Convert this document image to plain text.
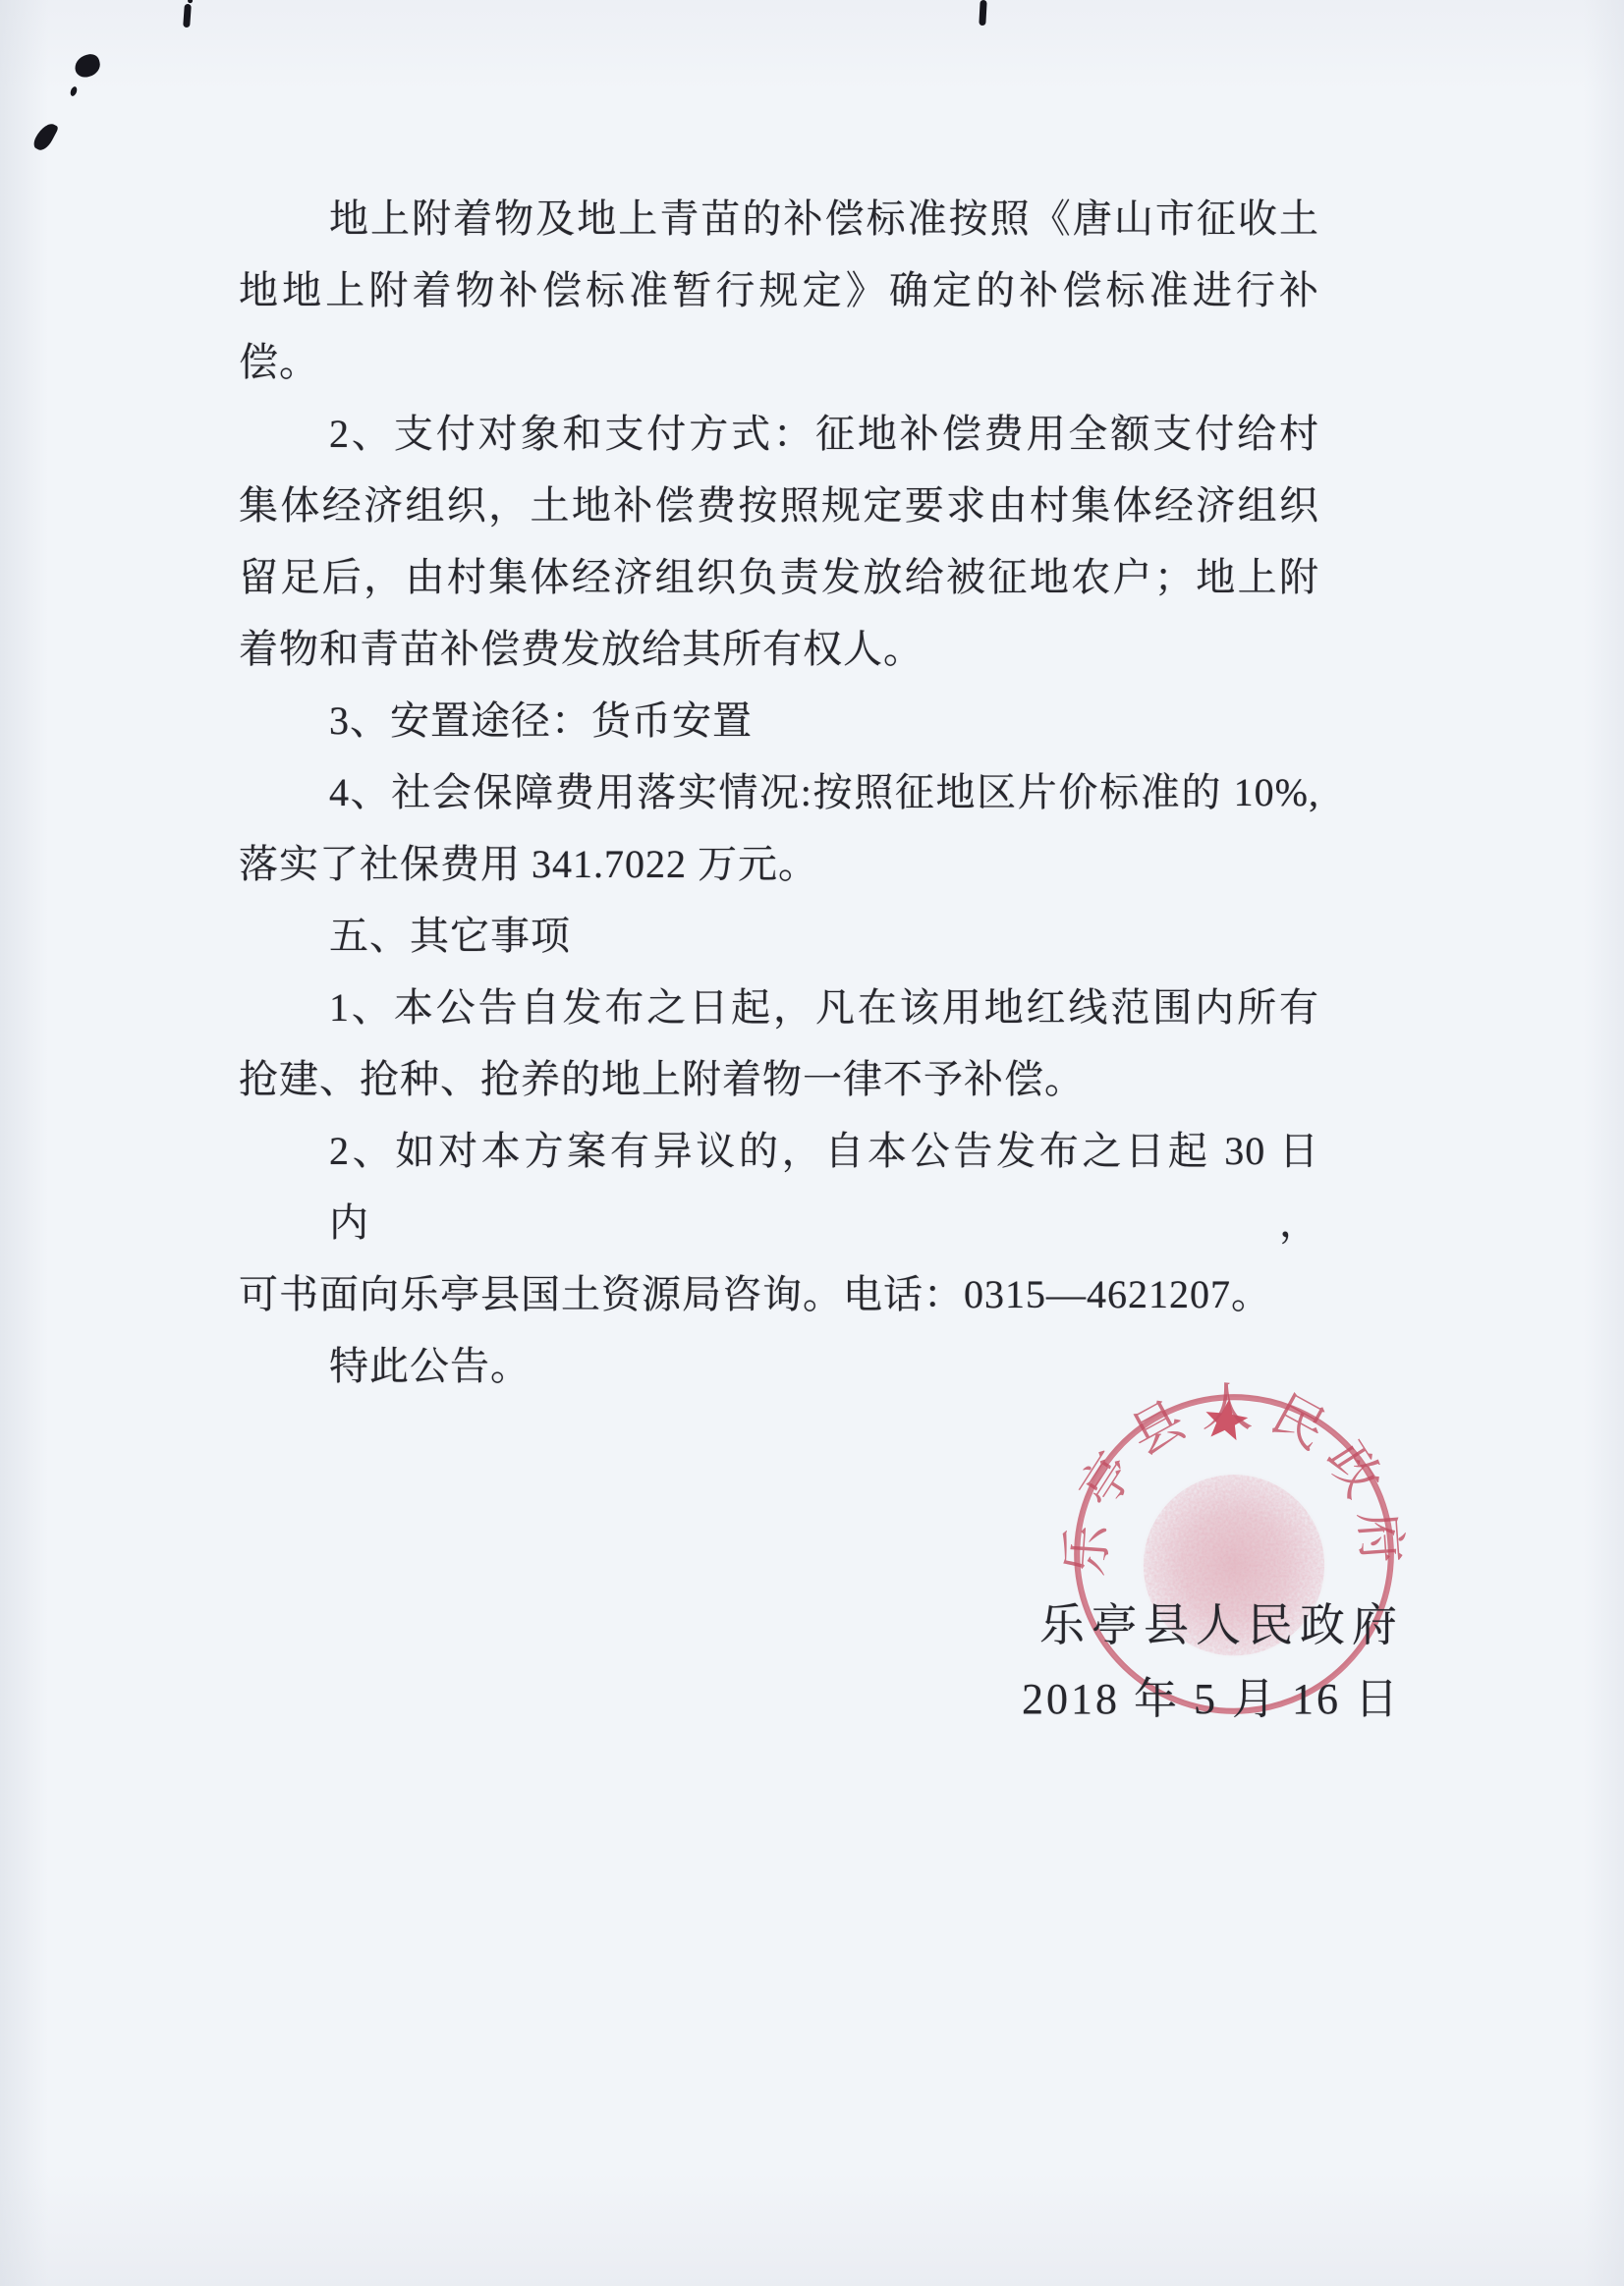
地上附着物及地上青苗的补偿标准按照《唐山市征收土
地地上附着物补偿标准暂行规定》确定的补偿标准进行补
偿。
2、支付对象和支付方式：征地补偿费用全额支付给村
集体经济组织，土地补偿费按照规定要求由村集体经济组织
留足后，由村集体经济组织负责发放给被征地农户；地上附
着物和青苗补偿费发放给其所有权人。
3、安置途径：货币安置
4、社会保障费用落实情况:按照征地区片价标准的 10%,
落实了社保费用 341.7022 万元。
五、其它事项
1、本公告自发布之日起，凡在该用地红线范围内所有
抢建、抢种、抢养的地上附着物一律不予补偿。
2、如对本方案有异议的，自本公告发布之日起 30 日内，
可书面向乐亭县国土资源局咨询。电话：0315—4621207。
特此公告。
乐亭县人民政府
乐亭县人民政府
2018 年 5 月 16 日
